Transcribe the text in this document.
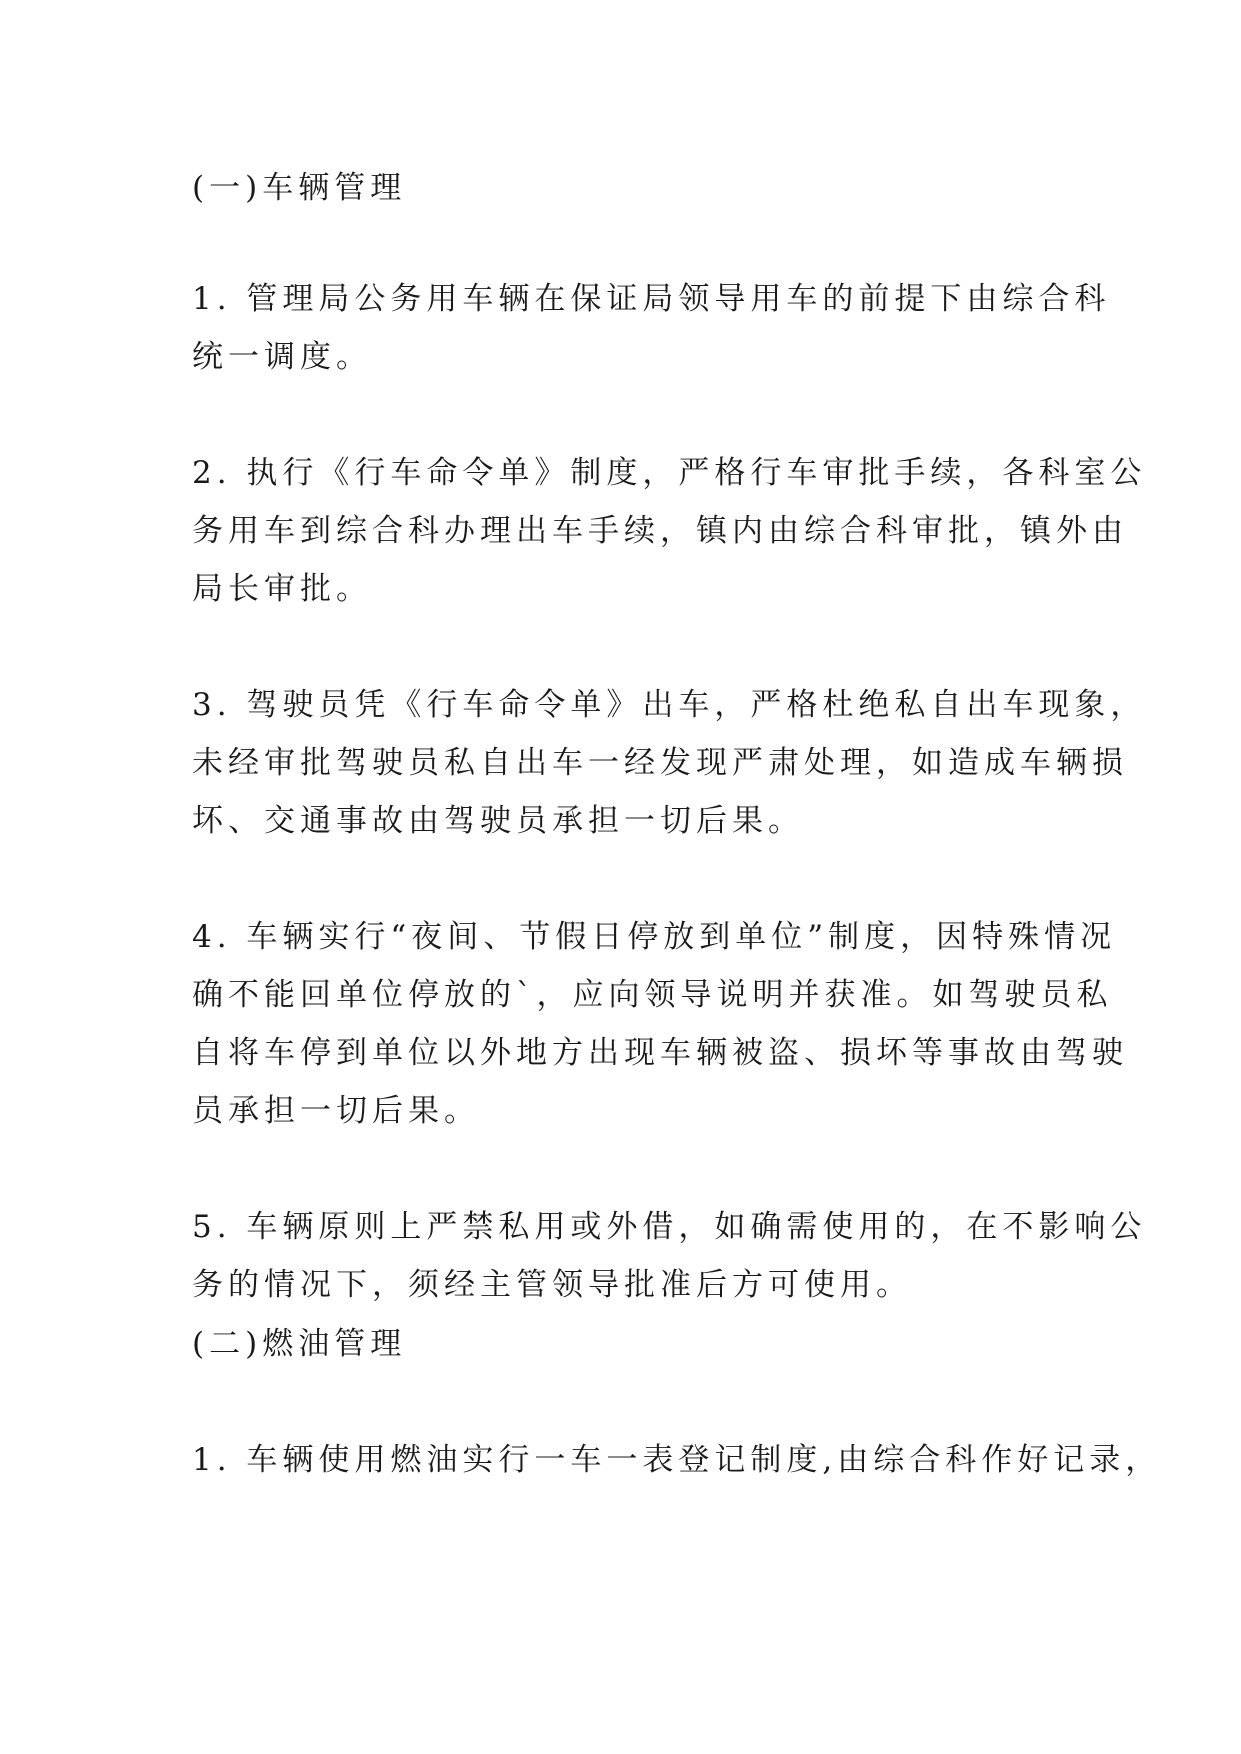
(一)车辆管理

1. 管理局公务用车辆在保证局领导用车的前提下由综合科
统一调度。

2. 执行《行车命令单》制度，严格行车审批手续，各科室公
务用车到综合科办理出车手续，镇内由综合科审批，镇外由
局长审批。

3. 驾驶员凭《行车命令单》出车，严格杜绝私自出车现象，
未经审批驾驶员私自出车一经发现严肃处理，如造成车辆损
坏、交通事故由驾驶员承担一切后果。

4. 车辆实行“夜间、节假日停放到单位”制度，因特殊情况
确不能回单位停放的`，应向领导说明并获准。如驾驶员私
自将车停到单位以外地方出现车辆被盗、损坏等事故由驾驶
员承担一切后果。

5. 车辆原则上严禁私用或外借，如确需使用的，在不影响公
务的情况下，须经主管领导批准后方可使用。

(二)燃油管理

1. 车辆使用燃油实行一车一表登记制度,由综合科作好记录，
